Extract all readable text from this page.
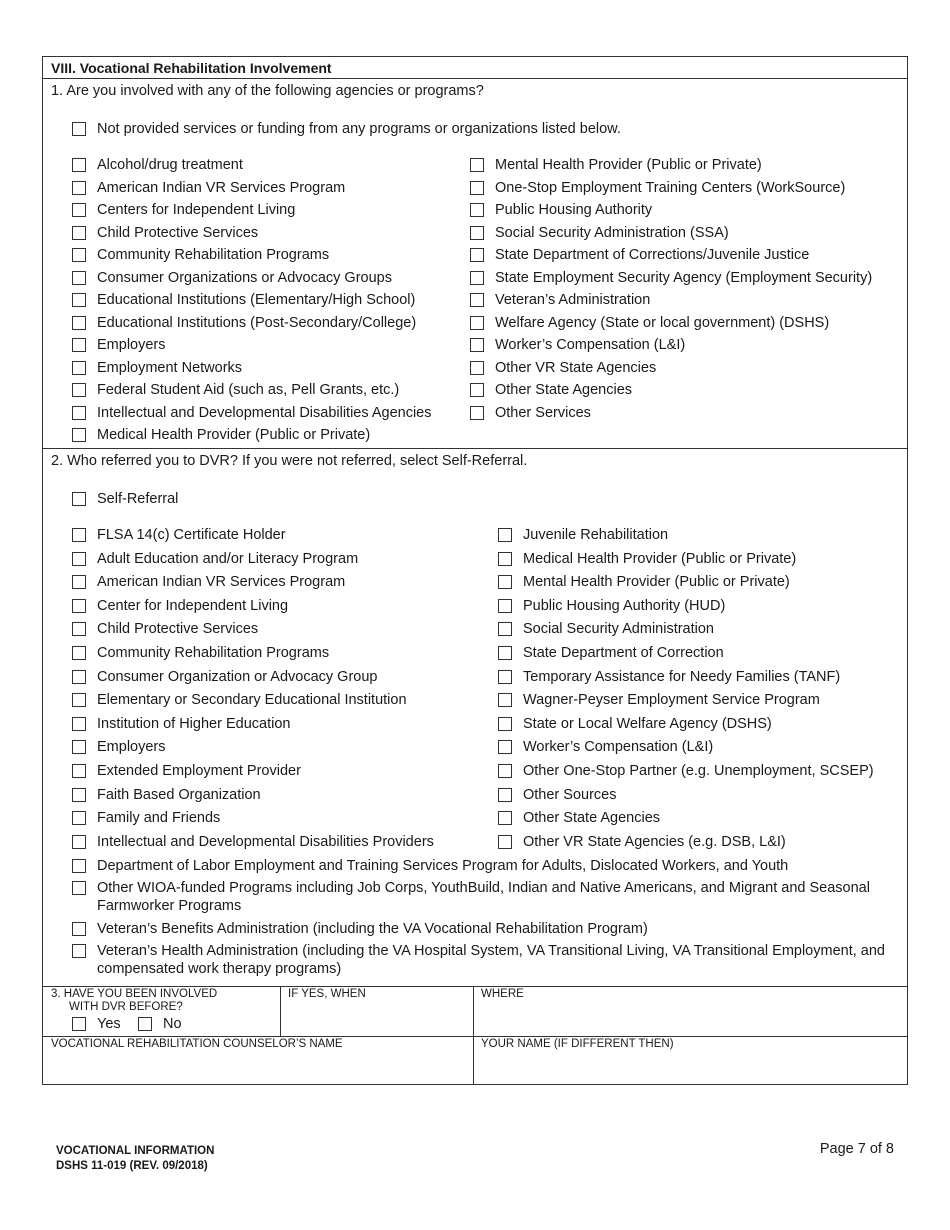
VIII. Vocational Rehabilitation Involvement
1. Are you involved with any of the following agencies or programs?
Not provided services or funding from any programs or organizations listed below.
Alcohol/drug treatment
American Indian VR Services Program
Centers for Independent Living
Child Protective Services
Community Rehabilitation Programs
Consumer Organizations or Advocacy Groups
Educational Institutions (Elementary/High School)
Educational Institutions (Post-Secondary/College)
Employers
Employment Networks
Federal Student Aid (such as, Pell Grants, etc.)
Intellectual and Developmental Disabilities Agencies
Medical Health Provider (Public or Private)
Mental Health Provider (Public or Private)
One-Stop Employment Training Centers (WorkSource)
Public Housing Authority
Social Security Administration (SSA)
State Department of Corrections/Juvenile Justice
State Employment Security Agency (Employment Security)
Veteran’s Administration
Welfare Agency (State or local government) (DSHS)
Worker’s Compensation (L&I)
Other VR State Agencies
Other State Agencies
Other Services
2. Who referred you to DVR? If you were not referred, select Self-Referral.
Self-Referral
FLSA 14(c) Certificate Holder
Adult Education and/or Literacy Program
American Indian VR Services Program
Center for Independent Living
Child Protective Services
Community Rehabilitation Programs
Consumer Organization or Advocacy Group
Elementary or Secondary Educational Institution
Institution of Higher Education
Employers
Extended Employment Provider
Faith Based Organization
Family and Friends
Intellectual and Developmental Disabilities Providers
Juvenile Rehabilitation
Medical Health Provider (Public or Private)
Mental Health Provider (Public or Private)
Public Housing Authority (HUD)
Social Security Administration
State Department of Correction
Temporary Assistance for Needy Families (TANF)
Wagner-Peyser Employment Service Program
State or Local Welfare Agency (DSHS)
Worker’s Compensation (L&I)
Other One-Stop Partner (e.g. Unemployment, SCSEP)
Other Sources
Other State Agencies
Other VR State Agencies (e.g. DSB, L&I)
Department of Labor Employment and Training Services Program for Adults, Dislocated Workers, and Youth
Other WIOA-funded Programs including Job Corps, YouthBuild, Indian and Native Americans, and Migrant and Seasonal Farmworker Programs
Veteran’s Benefits Administration (including the VA Vocational Rehabilitation Program)
Veteran’s Health Administration (including the VA Hospital System, VA Transitional Living, VA Transitional Employment, and compensated work therapy programs)
3. HAVE YOU BEEN INVOLVED
WITH DVR BEFORE?
Yes	No
IF YES, WHEN	WHERE
VOCATIONAL REHABILITATION COUNSELOR’S NAME	YOUR NAME (IF DIFFERENT THEN)
VOCATIONAL INFORMATION
DSHS 11-019 (REV. 09/2018)
Page 7 of 8
